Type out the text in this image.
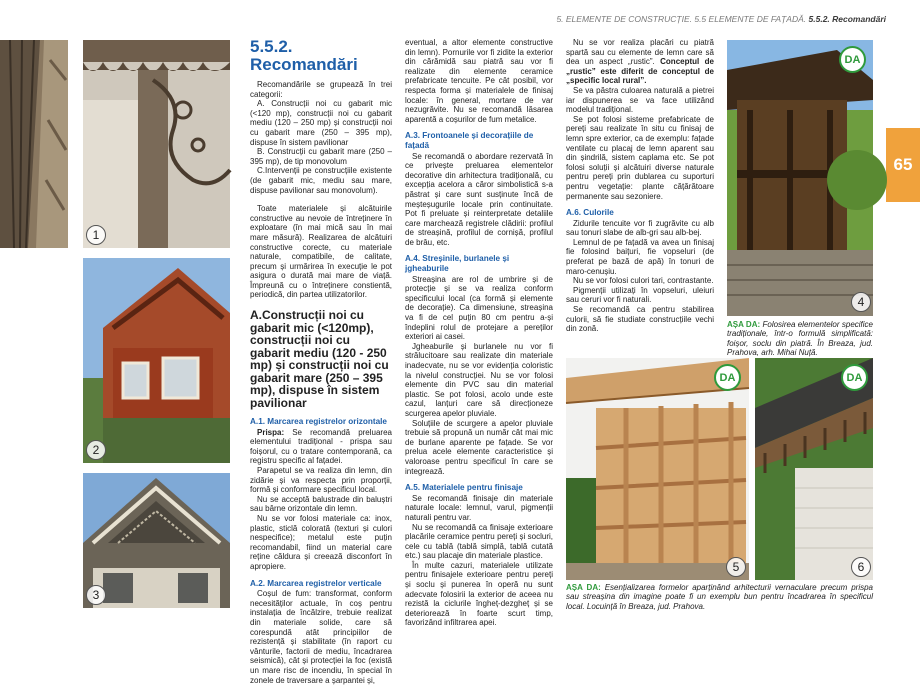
5. ELEMENTE DE CONSTRUCȚIE. 5.5 ELEMENTE DE FAȚADĂ. 5.5.2. Recomandări
65
1
2
3
5.5.2. Recomandări

Recomandările se grupează în trei categorii:

A. Construcții noi cu gabarit mic (<120 mp), construcții noi cu gabarit mediu (120 – 250 mp) și construcții noi cu gabarit mare (250 – 395 mp), dispuse în sistem pavilionar

B. Construcții cu gabarit mare (250 – 395 mp), de tip monovolum

C.Intervenții pe construcțiile existente (de gabarit mic, mediu sau mare, dispuse pavilionar sau monovolum).

Toate materialele și alcătuirile constructive au nevoie de întreținere în exploatare (în mai mică sau în mai mare măsură). Realizarea de alcătuiri constructive corecte, cu materiale naturale, compatibile, de calitate, precum și urmărirea în execuție le pot asigura o durată mai mare de viață. Împreună cu o întreținere constientă, periodică, din partea utilizatorilor.

A.Construcții noi cu gabarit mic (<120mp), construcții noi cu gabarit mediu (120 - 250 mp) și construcții noi cu gabarit mare (250 – 395 mp), dispuse în sistem pavilionar
A.1. Marcarea registrelor orizontale

Prispa: Se recomandă preluarea elementului tradițional - prispa sau foișorul, cu o tratare contemporană, ca registru specific al fațadei.

Parapetul se va realiza din lemn, din zidărie și va respecta prin proporții, formă și conformare specificul local.

Nu se acceptă balustrade din baluștri sau bârne orizontale din lemn.

Nu se vor folosi materiale ca: inox, plastic, sticlă colorată (texturi și culori nespecifice); metalul este puțin recomandabil, fiind un material care reține căldura și creează disconfort în apropiere.

A.2. Marcarea registrelor verticale

Coșul de fum: transformat, conform necesităților actuale, în coș pentru instalația de încălzire, trebuie realizat din materiale solide, care să corespundă atât principiilor de rezistență și stabilitate (în raport cu vânturile, factorii de mediu, încadrarea seismică), cât și protecției la foc (există un mare risc de incendiu, în special în zonele de traversare a șarpantei și,

eventual, a altor elemente constructive din lemn). Pornurile vor fi zidite la exterior din cărămidă sau piatră sau vor fi realizate din elemente ceramice prefabricate tencuite. Pe cât posibil, vor respecta forma și materialele de finisaj locale: în general, mortare de var nezugrăvite. Nu se recomandă lăsarea aparentă a coșurilor de fum metalice.

A.3. Frontoanele și decorațiile de fațadă

Se recomandă o abordare rezervată în ce privește preluarea elementelor decorative din arhitectura tradițională, cu excepția acelora a căror simbolistică s-a păstrat și care sunt susținute încă de meșteșugurile locale prin continuitate. Pot fi preluate și reinterpretate detaliile care marchează registrele clădirii: profilul de streașină, profilul de cornișă, profilul de brâu, etc.

A.4. Streșinile, burlanele și jgheaburile

Streașina are rol de umbrire și de protecție și se va realiza conform specificului local (ca formă și elemente de decorație). Ca dimensiune, streașina va fi de cel puțin 80 cm pentru a-și îndeplini rolul de protejare a pereților exteriori ai casei.

Jgheaburile și burlanele nu vor fi strălucitoare sau realizate din materiale inadecvate, nu se vor evidenția coloristic la nivelul construcției. Nu se vor folosi elemente din PVC sau din material plastic. Se pot folosi, acolo unde este cazul, lanțuri care să direcționeze scurgerea apelor pluviale.

Soluțiile de scurgere a apelor pluviale trebuie să propună un număr cât mai mic de burlane aparente pe fațade. Se vor prelua acele elemente caracteristice și valoroase pentru specificul în care se integrează.

A.5. Materialele pentru finisaje

Se recomandă finisaje din materiale naturale locale: lemnul, varul, pigmenții naturali pentru var.

Nu se recomandă ca finisaje exterioare placările ceramice pentru pereți și socluri, cele cu tablă (tablă simplă, tablă cutată etc.) sau placaje din materiale plastice.

În multe cazuri, materialele utilizate pentru finisajele exterioare pentru pereți și soclu și punerea în operă nu sunt adecvate folosirii la exterior de aceea nu rezistă la ciclurile îngheț-dezgheț și se deteriorează în foarte scurt timp, favorizând infiltrarea apei.

Nu se vor realiza placări cu piatră spartă sau cu elemente de lemn care să dea un aspect „rustic”. Conceptul de „rustic” este diferit de conceptul de „specific local rural”.

Se va păstra culoarea naturală a pietrei iar dispunerea se va face utilizând modelul tradițional.

Se pot folosi sisteme prefabricate de pereți sau realizate în situ cu finisaj de lemn spre exterior, ca de exemplu: fațade ventilate cu placaj de lemn aparent sau din șindrilă, sistem caplama etc. Se pot folosi soluții și alcătuiri diverse naturale pentru pereți prin dublarea cu suporturi pentru vegetație: plante cățărătoare permanente sau sezoniere.

A.6. Culorile

Zidurile tencuite vor fi zugrăvite cu alb sau tonuri slabe de alb-gri sau alb-bej.

Lemnul de pe fațadă va avea un finisaj fie folosind baițuri, fie vopseluri (de preferat pe bază de apă) în tonuri de maro-cenușiu.

Nu se vor folosi culori tari, contrastante.

Pigmenții utilizați în vopseluri, uleiuri sau ceruri vor fi naturali.

Se recomandă ca pentru stabilirea culorii, să fie studiate construcțiile vechi din zonă.

DA
4
AȘA DA: Folosirea elementelor specifice tradiționale, într-o formulă simplificată: foișor, soclu din piatră. În Breaza, jud. Prahova, arh. Mihai Nuță.
DA
5
DA
6
AȘA DA: Esențializarea formelor aparținând arhitecturii vernaculare precum prispa sau streașina din imagine poate fi un exemplu bun pentru încadrarea în specificul local. Locuință în Breaza, jud. Prahova.
